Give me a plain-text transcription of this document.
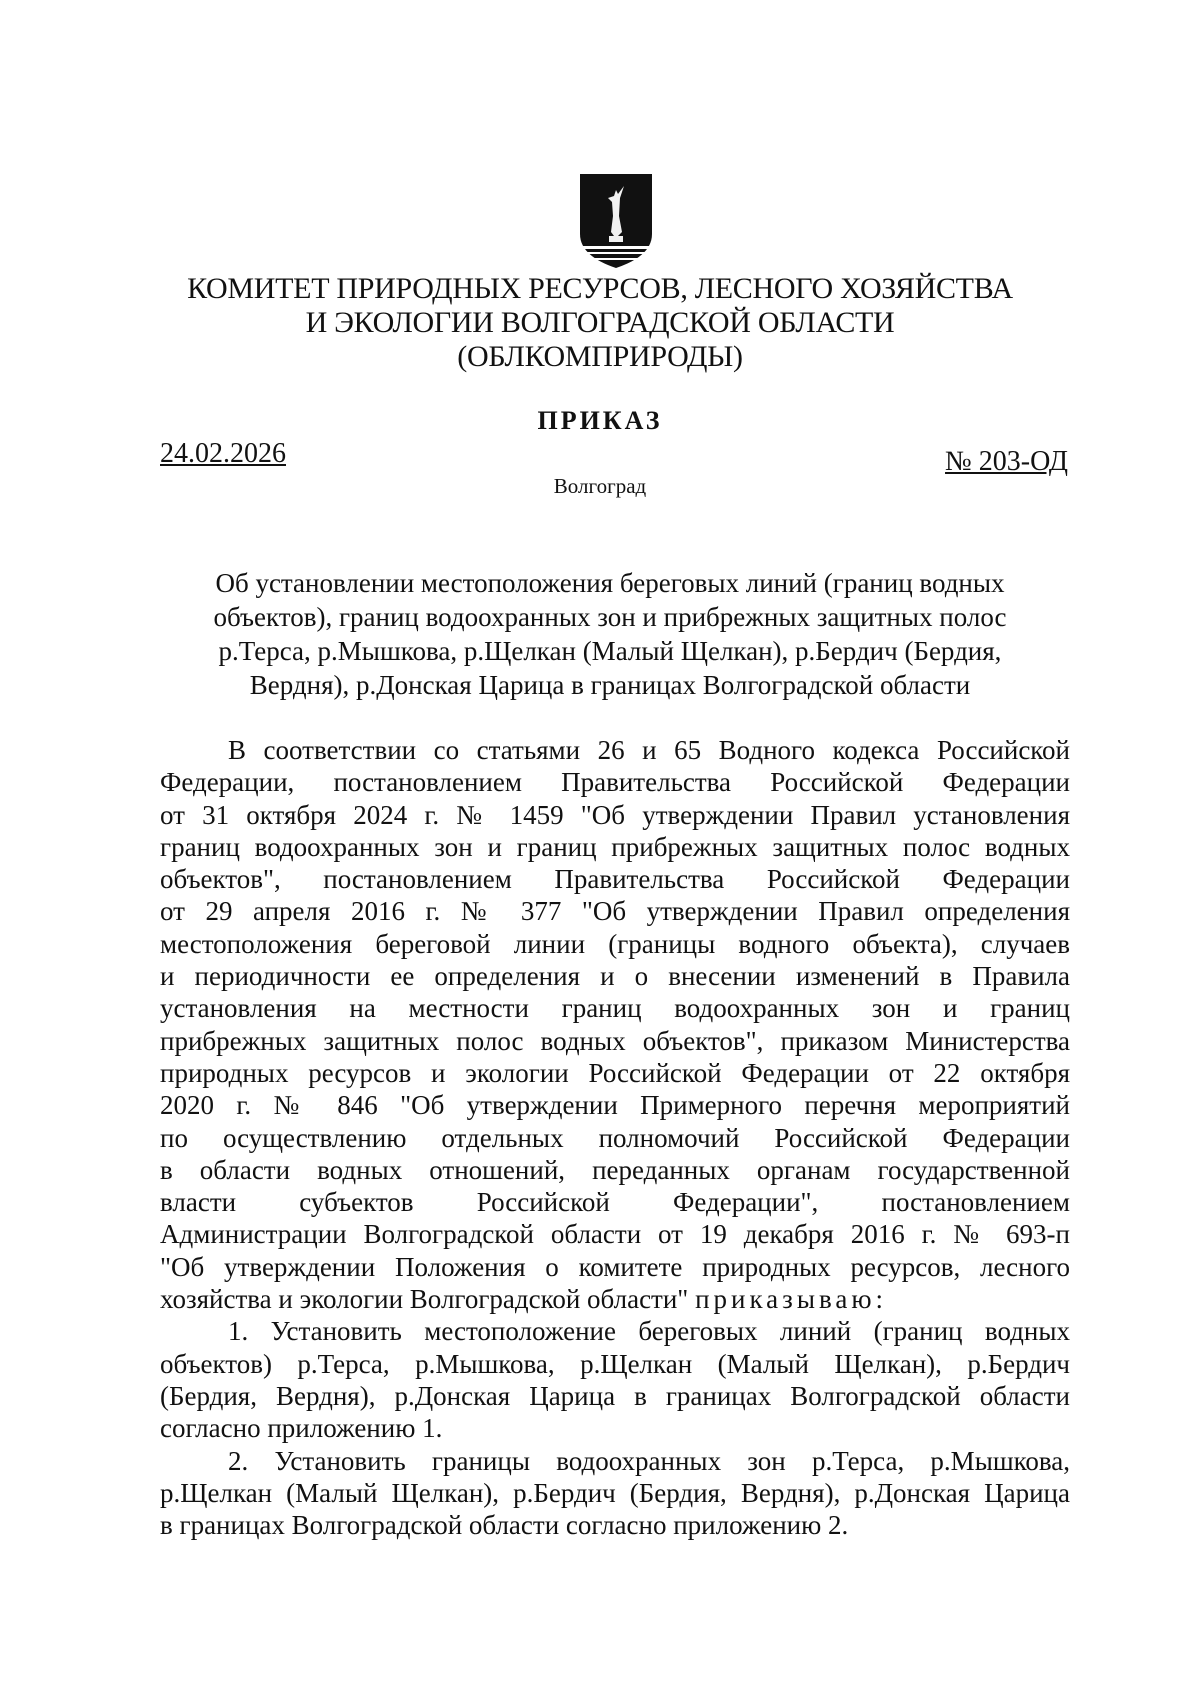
КОМИТЕТ ПРИРОДНЫХ РЕСУРСОВ, ЛЕСНОГО ХОЗЯЙСТВА
И ЭКОЛОГИИ ВОЛГОГРАДСКОЙ ОБЛАСТИ
(ОБЛКОМПРИРОДЫ)
ПРИКАЗ
24.02.2026	№ 203-ОД
Волгоград
Об установлении местоположения береговых линий (границ водных
объектов), границ водоохранных зон и прибрежных защитных полос
р.Терса, р.Мышкова, р.Щелкан (Малый Щелкан), р.Бердич (Бердия,
Вердня), р.Донская Царица в границах Волгоградской области
В соответствии со статьями 26 и 65 Водного кодекса Российской
Федерации, постановлением Правительства Российской Федерации
от 31 октября 2024 г. № 1459 "Об утверждении Правил установления
границ водоохранных зон и границ прибрежных защитных полос водных
объектов", постановлением Правительства Российской Федерации
от 29 апреля 2016 г. № 377 "Об утверждении Правил определения
местоположения береговой линии (границы водного объекта), случаев
и периодичности ее определения и о внесении изменений в Правила
установления на местности границ водоохранных зон и границ
прибрежных защитных полос водных объектов", приказом Министерства
природных ресурсов и экологии Российской Федерации от 22 октября
2020 г. № 846 "Об утверждении Примерного перечня мероприятий
по осуществлению отдельных полномочий Российской Федерации
в области водных отношений, переданных органам государственной
власти субъектов Российской Федерации", постановлением
Администрации Волгоградской области от 19 декабря 2016 г. № 693-п
"Об утверждении Положения о комитете природных ресурсов, лесного
хозяйства и экологии Волгоградской области" приказываю:
1. Установить местоположение береговых линий (границ водных
объектов) р.Терса, р.Мышкова, р.Щелкан (Малый Щелкан), р.Бердич
(Бердия, Вердня), р.Донская Царица в границах Волгоградской области
согласно приложению 1.
2. Установить границы водоохранных зон р.Терса, р.Мышкова,
р.Щелкан (Малый Щелкан), р.Бердич (Бердия, Вердня), р.Донская Царица
в границах Волгоградской области согласно приложению 2.
